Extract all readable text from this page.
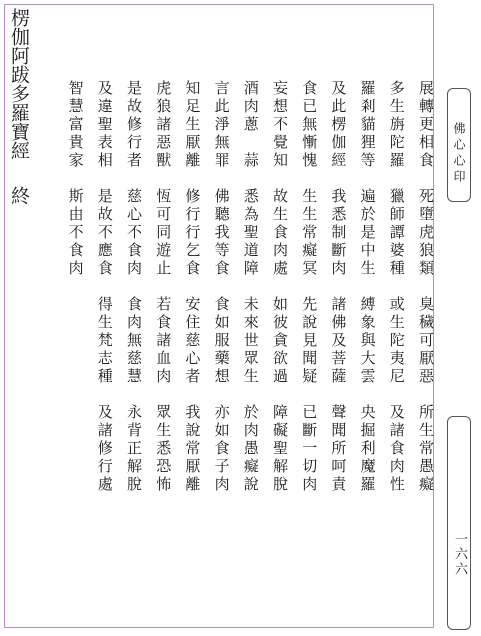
楞伽阿跋多羅寶經終
展轉更相食死墮虎狼類臭穢可厭惡所生常愚癡
多生旃陀羅獵師譚婆種或生陀夷尼及諸食肉性
羅剎貓狸等遍於是中生縛象與大雲央掘利魔羅
及此楞伽經我悉制斷肉諸佛及菩薩聲聞所呵責
食已無慚愧生生常癡冥先說見聞疑已斷一切肉
妄想不覺知故生食肉處如彼貪欲過障礙聖解脫
酒肉蔥　蒜悉為聖道障未來世眾生於肉愚癡說
言此淨無罪佛聽我等食食如服藥想亦如食子肉
知足生厭離修行行乞食安住慈心者我說常厭離
虎狼諸惡獸恆可同遊止若食諸血肉眾生悉恐怖
是故修行者慈心不食肉食肉無慈慧永背正解脫
及違聖表相是故不應食得生梵志種及諸修行處
智慧富貴家斯由不食肉
佛心心印
一六六
